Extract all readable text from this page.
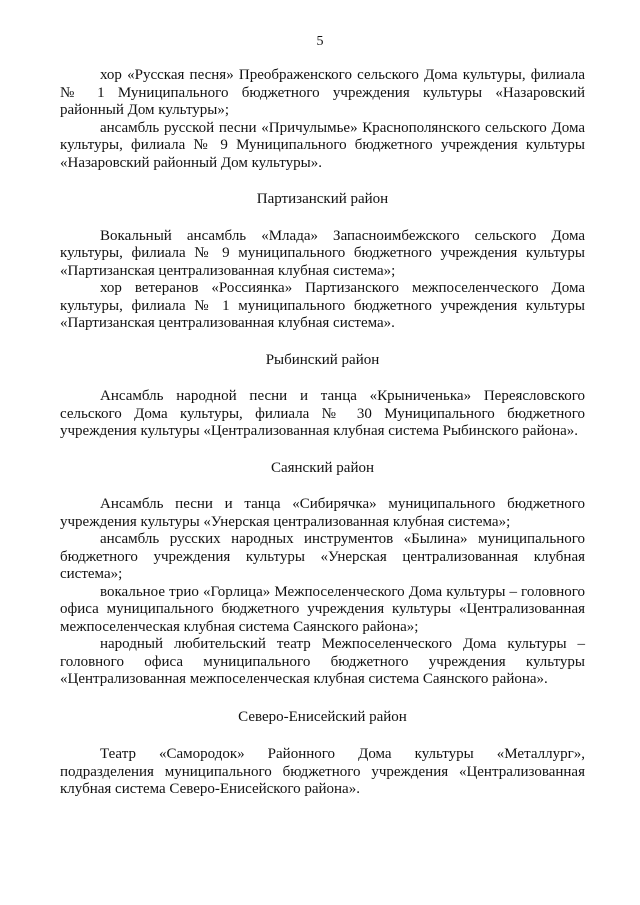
5

хор «Русская песня» Преображенского сельского Дома культуры, филиала № 1 Муниципального бюджетного учреждения культуры «Назаровский районный Дом культуры»;

ансамбль русской песни «Причулымье» Краснополянского сельского Дома культуры, филиала № 9 Муниципального бюджетного учреждения культуры «Назаровский районный Дом культуры».

Партизанский район

Вокальный ансамбль «Млада» Запасноимбежского сельского Дома культуры, филиала № 9 муниципального бюджетного учреждения культуры «Партизанская централизованная клубная система»;

хор ветеранов «Россиянка» Партизанского межпоселенческого Дома культуры, филиала № 1 муниципального бюджетного учреждения культуры «Партизанская централизованная клубная система».

Рыбинский район

Ансамбль народной песни и танца «Крыниченька» Переясловского сельского Дома культуры, филиала № 30 Муниципального бюджетного учреждения культуры «Централизованная клубная система Рыбинского района».

Саянский район

Ансамбль песни и танца «Сибирячка» муниципального бюджетного учреждения культуры «Унерская централизованная клубная система»;

ансамбль русских народных инструментов «Былина» муниципального бюджетного учреждения культуры «Унерская централизованная клубная система»;

вокальное трио «Горлица» Межпоселенческого Дома культуры – головного офиса муниципального бюджетного учреждения культуры «Централизованная межпоселенческая клубная система Саянского района»;

народный любительский театр Межпоселенческого Дома культуры – головного офиса муниципального бюджетного учреждения культуры «Централизованная межпоселенческая клубная система Саянского района».

Северо-Енисейский район

Театр «Самородок» Районного Дома культуры «Металлург», подразделения муниципального бюджетного учреждения «Централизованная клубная система Северо-Енисейского района».
